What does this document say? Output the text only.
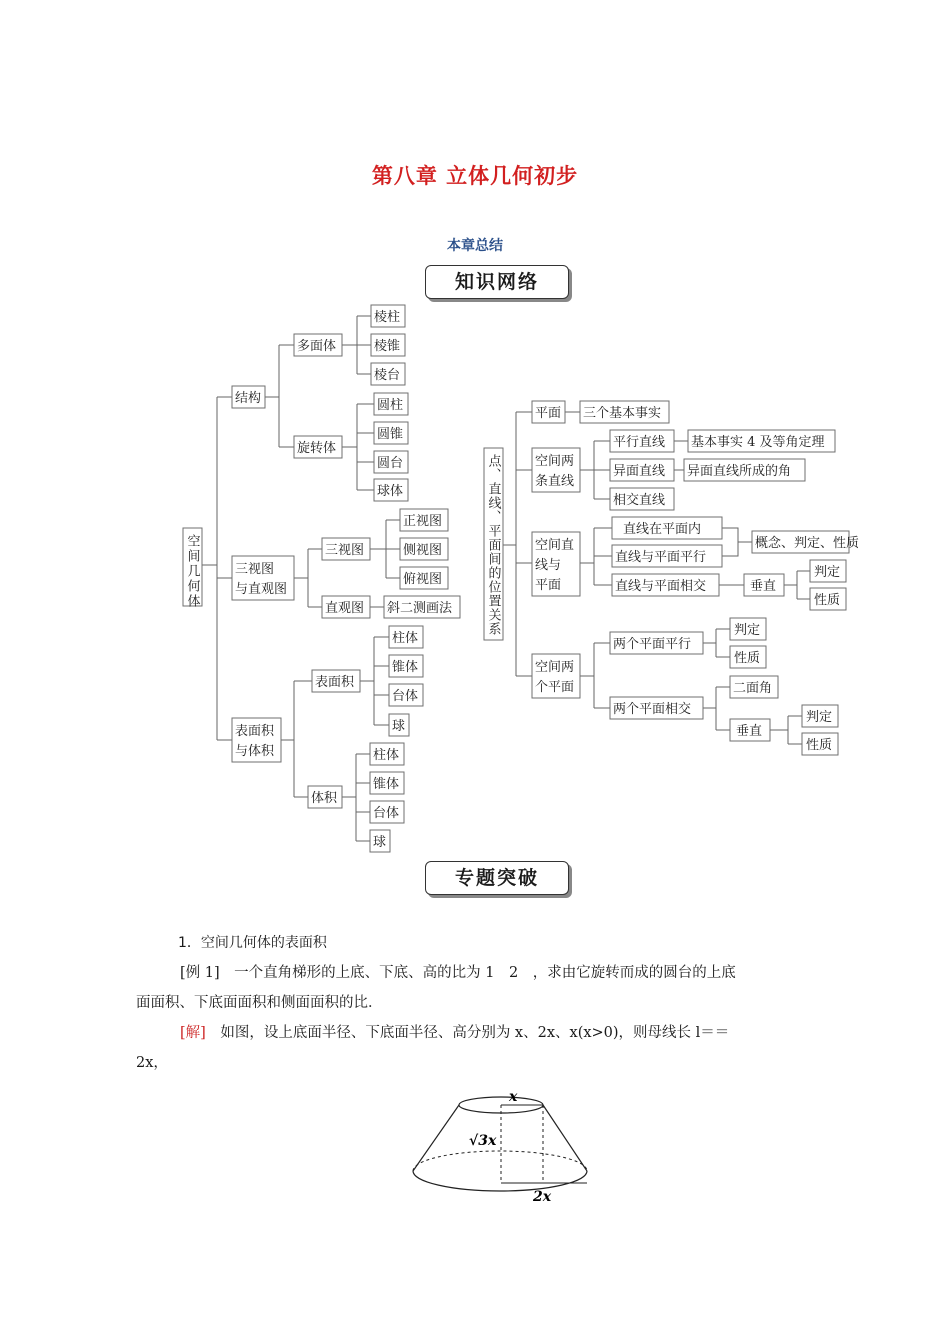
第八章 立体几何初步
本章总结
知识网络
空间几何体
结构
多面体
棱柱
棱锥
棱台
旋转体
圆柱
圆锥
圆台
球体
三视图
与直观图
三视图
正视图
侧视图
俯视图
直观图 斜二测画法
表面积
与体积
表面积
柱体
锥体
台体
球
体积
柱体
锥体
台体
球
点、直线、平面间的位置关系
平面 三个基本事实
空间两
条直线
平行直线 基本事实 4 及等角定理
异面直线 异面直线所成的角
相交直线
空间直
线与
平面
直线在平面内
直线与平面平行
直线与平面相交
概念、判定、性质
垂直
判定
性质
空间两
个平面
两个平面平行
判定
性质
两个平面相交
二面角
垂直
判定
性质
专题突破
1．空间几何体的表面积
[例 1]　一个直角梯形的上底、下底、高的比为 1　2　，求由它旋转而成的圆台的上底
面面积、下底面面积和侧面面积的比．
[解]　如图，设上底面半径、下底面半径、高分别为 x、2x、x(x>0)，则母线长 l＝＝
2x，
x
√3x
2x
